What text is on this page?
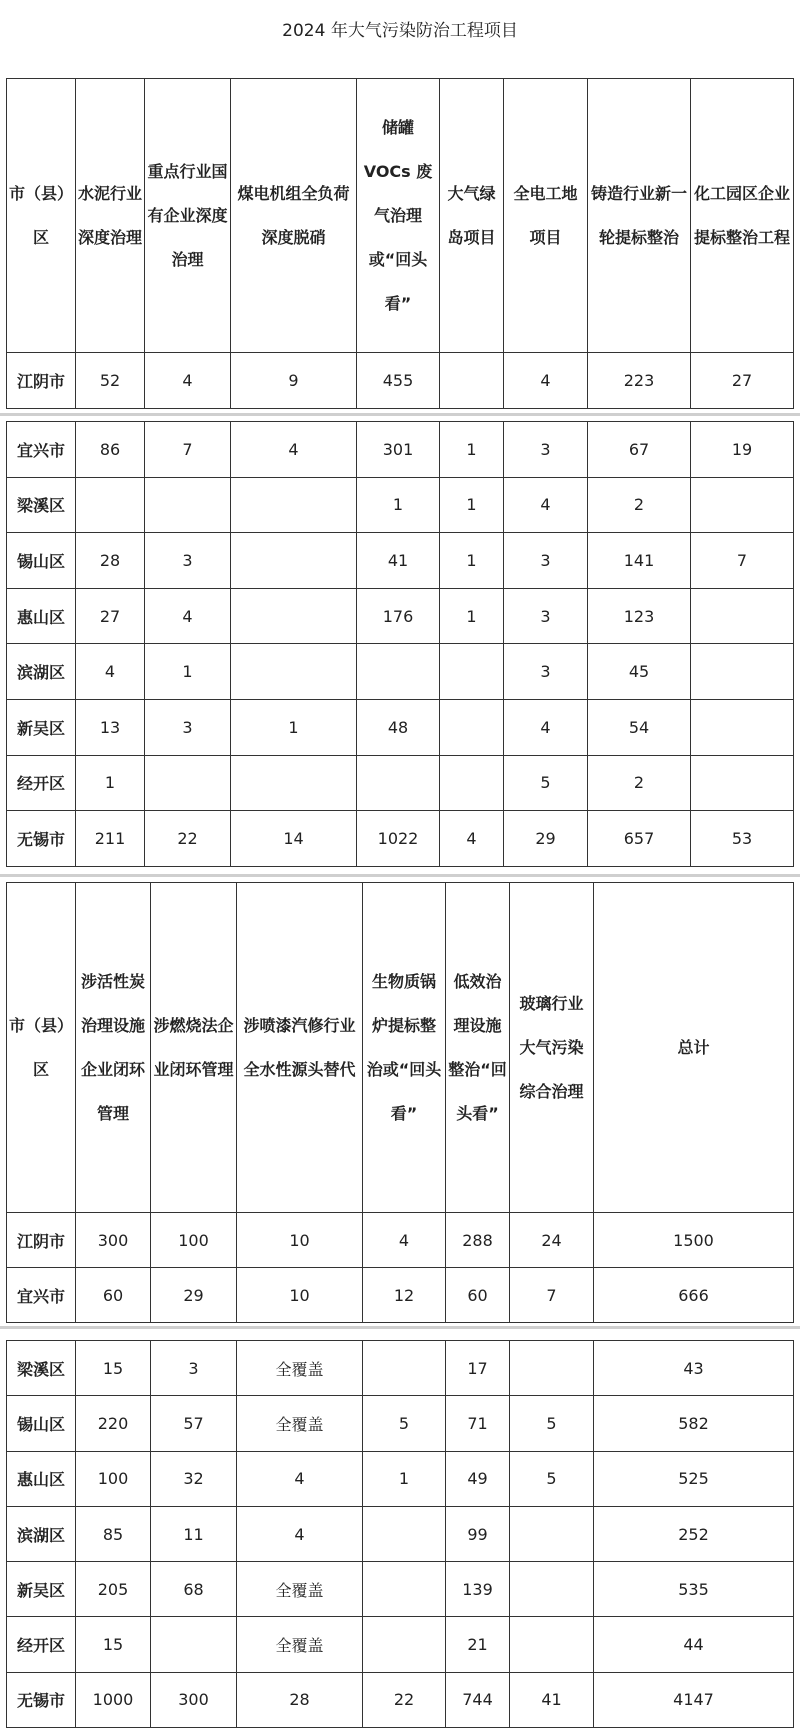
2024 年大气污染防治工程项目
市（县）区	水泥行业深度治理	重点行业国有企业深度治理	煤电机组全负荷深度脱硝	储罐VOCs 废气治理或“回头看”	大气绿岛项目	全电工地项目	铸造行业新一轮提标整治	化工园区企业提标整治工程
江阴市	52	4	9	455		4	223	27
宜兴市	86	7	4	301	1	3	67	19
梁溪区				1	1	4	2	
锡山区	28	3		41	1	3	141	7
惠山区	27	4		176	1	3	123	
滨湖区	4	1				3	45	
新吴区	13	3	1	48		4	54	
经开区	1					5	2	
无锡市	211	22	14	1022	4	29	657	53
市（县）区	涉活性炭治理设施企业闭环管理	涉燃烧法企业闭环管理	涉喷漆汽修行业全水性源头替代	生物质锅炉提标整治或“回头看”	低效治理设施整治“回头看”	玻璃行业大气污染综合治理	总计
江阴市	300	100	10	4	288	24	1500
宜兴市	60	29	10	12	60	7	666
梁溪区	15	3	全覆盖		17		43
锡山区	220	57	全覆盖	5	71	5	582
惠山区	100	32	4	1	49	5	525
滨湖区	85	11	4		99		252
新吴区	205	68	全覆盖		139		535
经开区	15		全覆盖		21		44
无锡市	1000	300	28	22	744	41	4147
